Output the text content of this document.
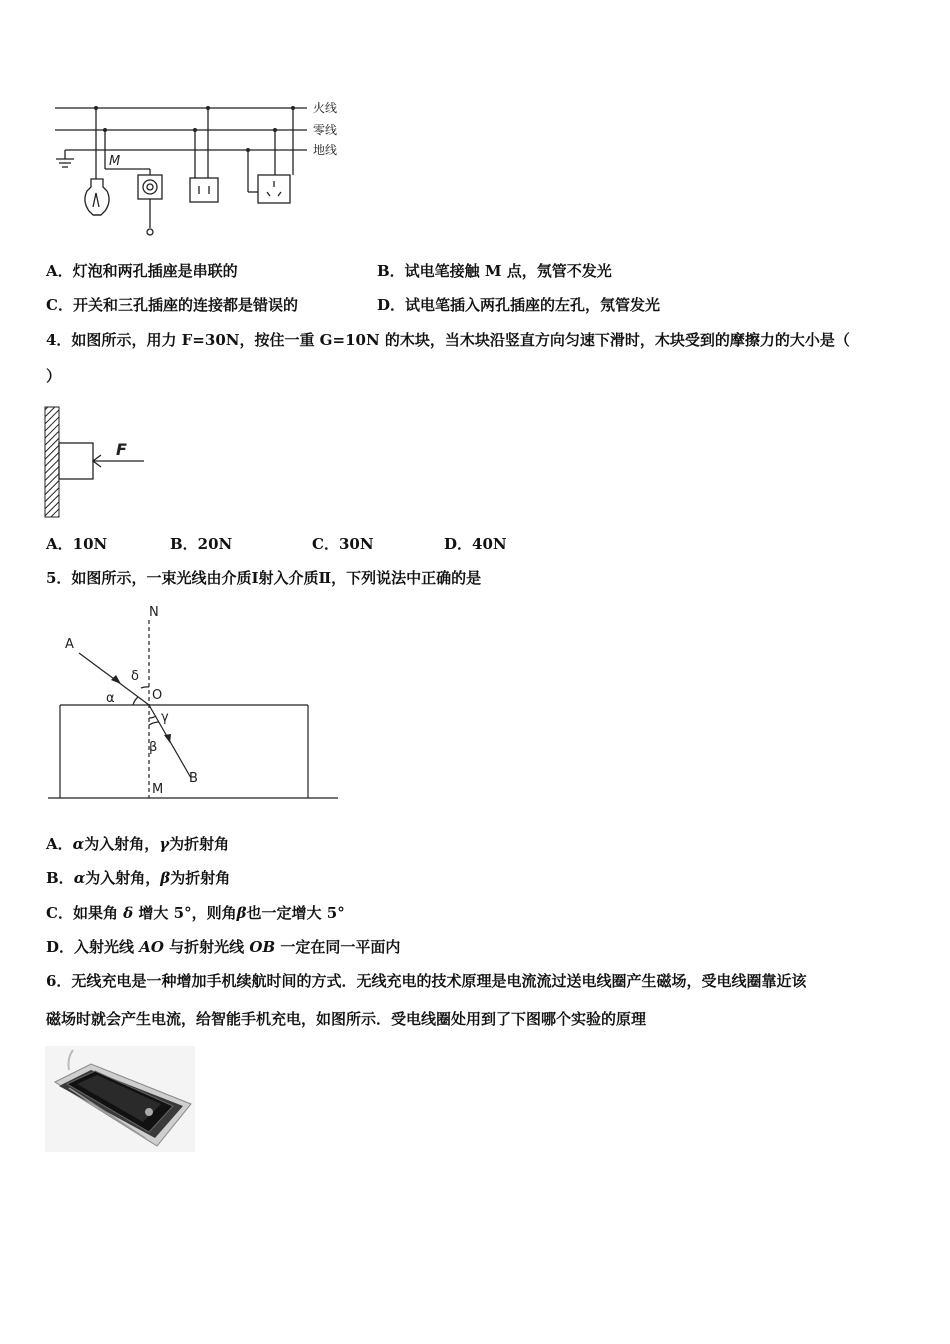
火线
零线
地线
M
A．灯泡和两孔插座是串联的	B．试电笔接触 M 点，氖管不发光
C．开关和三孔插座的连接都是错误的	D．试电笔插入两孔插座的左孔，氖管发光
4．如图所示，用力 F=30N，按住一重 G=10N 的木块，当木块沿竖直方向匀速下滑时，木块受到的摩擦力的大小是（
）
F
A．10N	B．20N	C．30N	D．40N
5．如图所示，一束光线由介质Ⅰ射入介质Ⅱ，下列说法中正确的是
N
A
δ
α	O
γ
β
B
M
A．α为入射角，γ为折射角
B．α为入射角，β为折射角
C．如果角 δ 增大 5°，则角β也一定增大 5°
D．入射光线 AO 与折射光线 OB 一定在同一平面内
6．无线充电是一种增加手机续航时间的方式．无线充电的技术原理是电流流过送电线圈产生磁场，受电线圈靠近该
磁场时就会产生电流，给智能手机充电，如图所示．受电线圈处用到了下图哪个实验的原理
